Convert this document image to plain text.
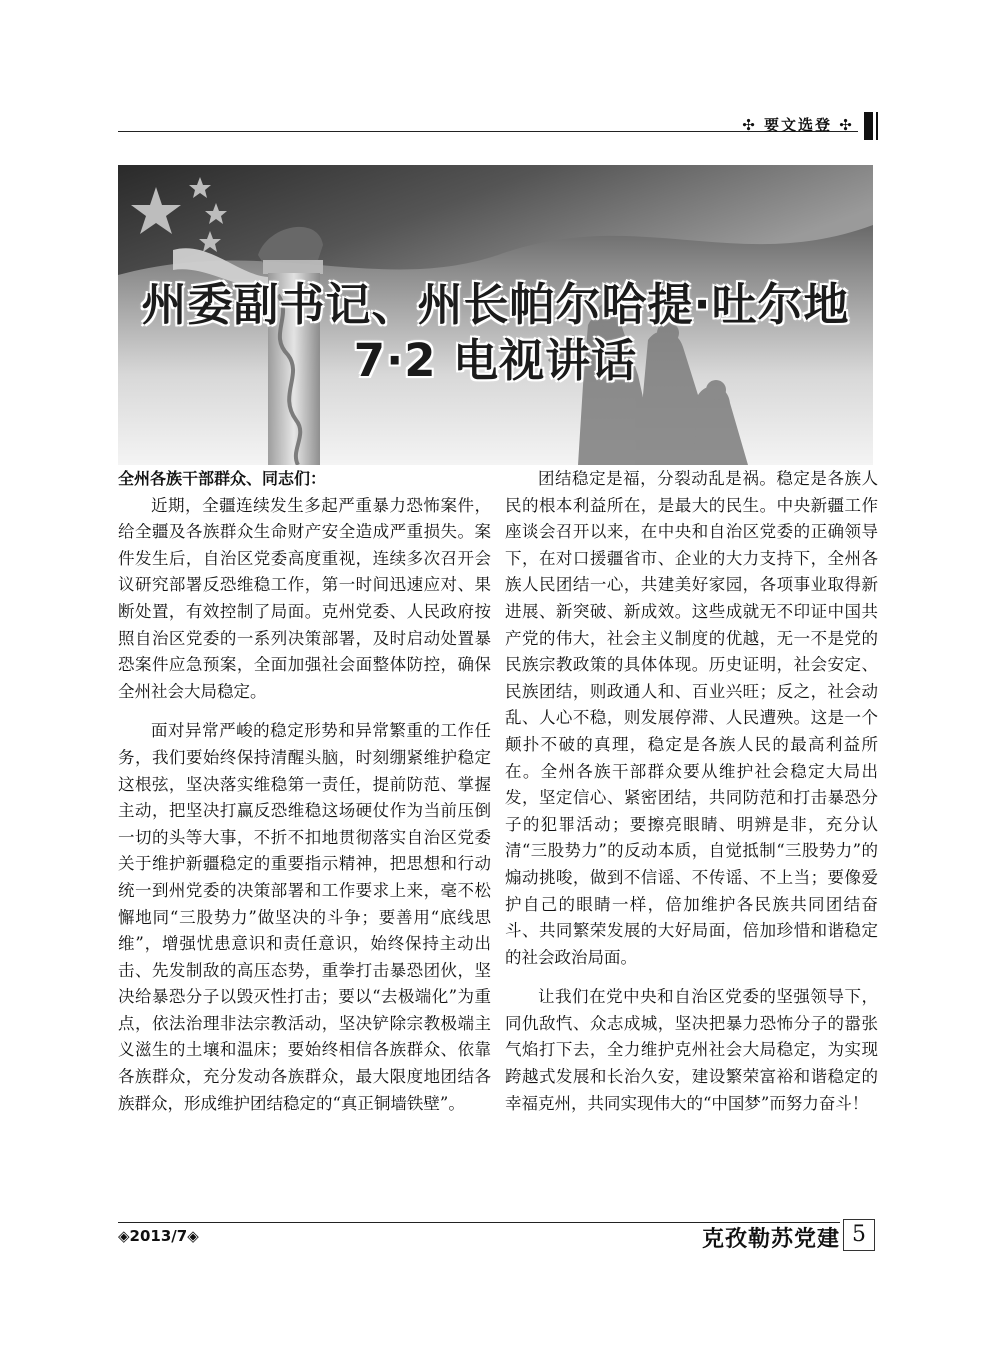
✣ 要文选登 ✣
州委副书记、州长帕尔哈提·吐尔地
7·2 电视讲话

全州各族干部群众、同志们：

近期，全疆连续发生多起严重暴力恐怖案件，给全疆及各族群众生命财产安全造成严重损失。案件发生后，自治区党委高度重视，连续多次召开会议研究部署反恐维稳工作，第一时间迅速应对、果断处置，有效控制了局面。克州党委、人民政府按照自治区党委的一系列决策部署，及时启动处置暴恐案件应急预案，全面加强社会面整体防控，确保全州社会大局稳定。

面对异常严峻的稳定形势和异常繁重的工作任务，我们要始终保持清醒头脑，时刻绷紧维护稳定这根弦，坚决落实维稳第一责任，提前防范、掌握主动，把坚决打赢反恐维稳这场硬仗作为当前压倒一切的头等大事，不折不扣地贯彻落实自治区党委关于维护新疆稳定的重要指示精神，把思想和行动统一到州党委的决策部署和工作要求上来，毫不松懈地同“三股势力”做坚决的斗争；要善用“底线思维”，增强忧患意识和责任意识，始终保持主动出击、先发制敌的高压态势，重拳打击暴恐团伙，坚决给暴恐分子以毁灭性打击；要以“去极端化”为重点，依法治理非法宗教活动，坚决铲除宗教极端主义滋生的土壤和温床；要始终相信各族群众、依靠各族群众，充分发动各族群众，最大限度地团结各族群众，形成维护团结稳定的“真正铜墙铁壁”。

团结稳定是福，分裂动乱是祸。稳定是各族人民的根本利益所在，是最大的民生。中央新疆工作座谈会召开以来，在中央和自治区党委的正确领导下，在对口援疆省市、企业的大力支持下，全州各族人民团结一心，共建美好家园，各项事业取得新进展、新突破、新成效。这些成就无不印证中国共产党的伟大，社会主义制度的优越，无一不是党的民族宗教政策的具体体现。历史证明，社会安定、民族团结，则政通人和、百业兴旺；反之，社会动乱、人心不稳，则发展停滞、人民遭殃。这是一个颠扑不破的真理，稳定是各族人民的最高利益所在。全州各族干部群众要从维护社会稳定大局出发，坚定信心、紧密团结，共同防范和打击暴恐分子的犯罪活动；要擦亮眼睛、明辨是非，充分认清“三股势力”的反动本质，自觉抵制“三股势力”的煽动挑唆，做到不信谣、不传谣、不上当；要像爱护自己的眼睛一样，倍加维护各民族共同团结奋斗、共同繁荣发展的大好局面，倍加珍惜和谐稳定的社会政治局面。

让我们在党中央和自治区党委的坚强领导下，同仇敌忾、众志成城，坚决把暴力恐怖分子的嚣张气焰打下去，全力维护克州社会大局稳定，为实现跨越式发展和长治久安，建设繁荣富裕和谐稳定的幸福克州，共同实现伟大的“中国梦”而努力奋斗！

◈2013/7◈	克孜勒苏党建 5
